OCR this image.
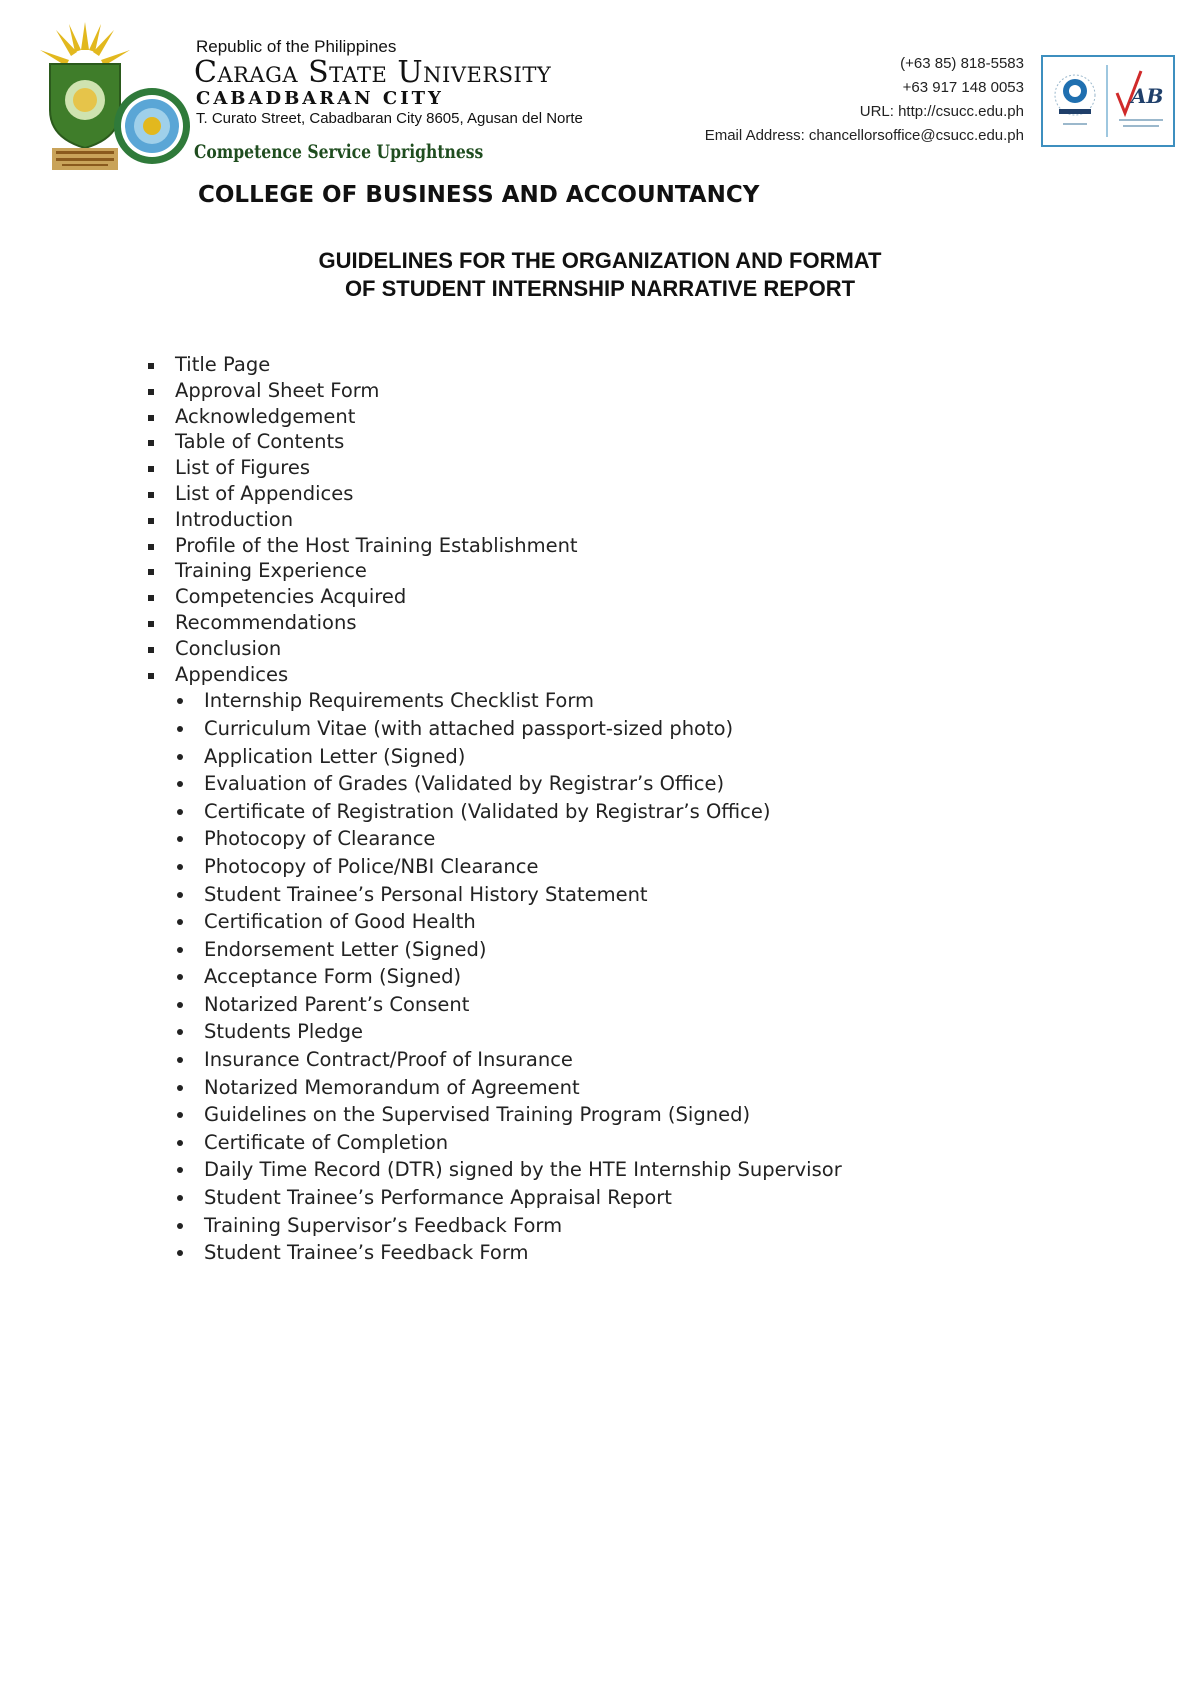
Republic of the Philippines
Caraga State University
CABADBARAN CITY
T. Curato Street, Cabadbaran City 8605, Agusan del Norte
Competence Service Uprightness
(+63 85) 818-5583
+63 917 148 0053
URL: http://csucc.edu.ph
Email Address: chancellorsoffice@csucc.edu.ph
AB
COLLEGE OF BUSINESS AND ACCOUNTANCY
GUIDELINES FOR THE ORGANIZATION AND FORMAT
OF STUDENT INTERNSHIP NARRATIVE REPORT
Title Page
Approval Sheet Form
Acknowledgement
Table of Contents
List of Figures
List of Appendices
Introduction
Profile of the Host Training Establishment
Training Experience
Competencies Acquired
Recommendations
Conclusion
Appendices
Internship Requirements Checklist Form
Curriculum Vitae (with attached passport-sized photo)
Application Letter (Signed)
Evaluation of Grades (Validated by Registrar’s Office)
Certificate of Registration (Validated by Registrar’s Office)
Photocopy of Clearance
Photocopy of Police/NBI Clearance
Student Trainee’s Personal History Statement
Certification of Good Health
Endorsement Letter (Signed)
Acceptance Form (Signed)
Notarized Parent’s Consent
Students Pledge
Insurance Contract/Proof of Insurance
Notarized Memorandum of Agreement
Guidelines on the Supervised Training Program (Signed)
Certificate of Completion
Daily Time Record (DTR) signed by the HTE Internship Supervisor
Student Trainee’s Performance Appraisal Report
Training Supervisor’s Feedback Form
Student Trainee’s Feedback Form
